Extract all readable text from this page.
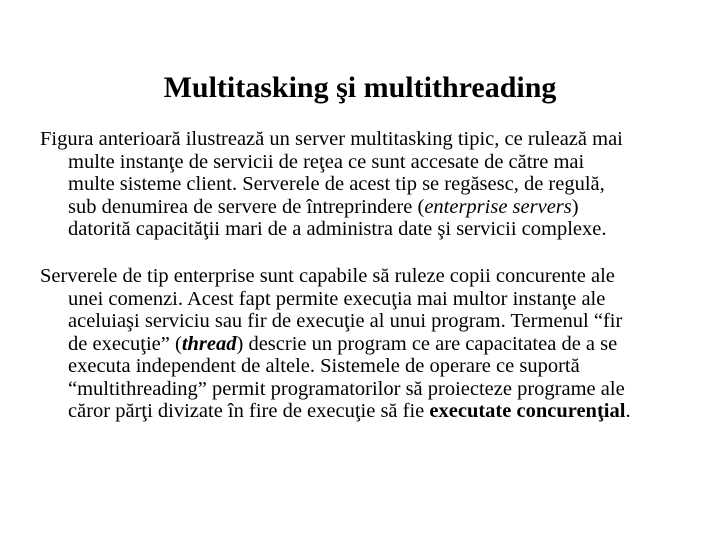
Multitasking şi multithreading

Figura anterioară ilustrează un server multitasking tipic, ce rulează mai
multe instanţe de servicii de reţea ce sunt accesate de către mai
multe sisteme client. Serverele de acest tip se regăsesc, de regulă,
sub denumirea de servere de întreprindere (enterprise servers)
datorită capacităţii mari de a administra date şi servicii complexe.

Serverele de tip enterprise sunt capabile să ruleze copii concurente ale
unei comenzi. Acest fapt permite execuţia mai multor instanţe ale
aceluiaşi serviciu sau fir de execuţie al unui program. Termenul “fir
de execuţie” (thread) descrie un program ce are capacitatea de a se
executa independent de altele. Sistemele de operare ce suportă
“multithreading” permit programatorilor să proiecteze programe ale
căror părţi divizate în fire de execuţie să fie executate concurenţial.
